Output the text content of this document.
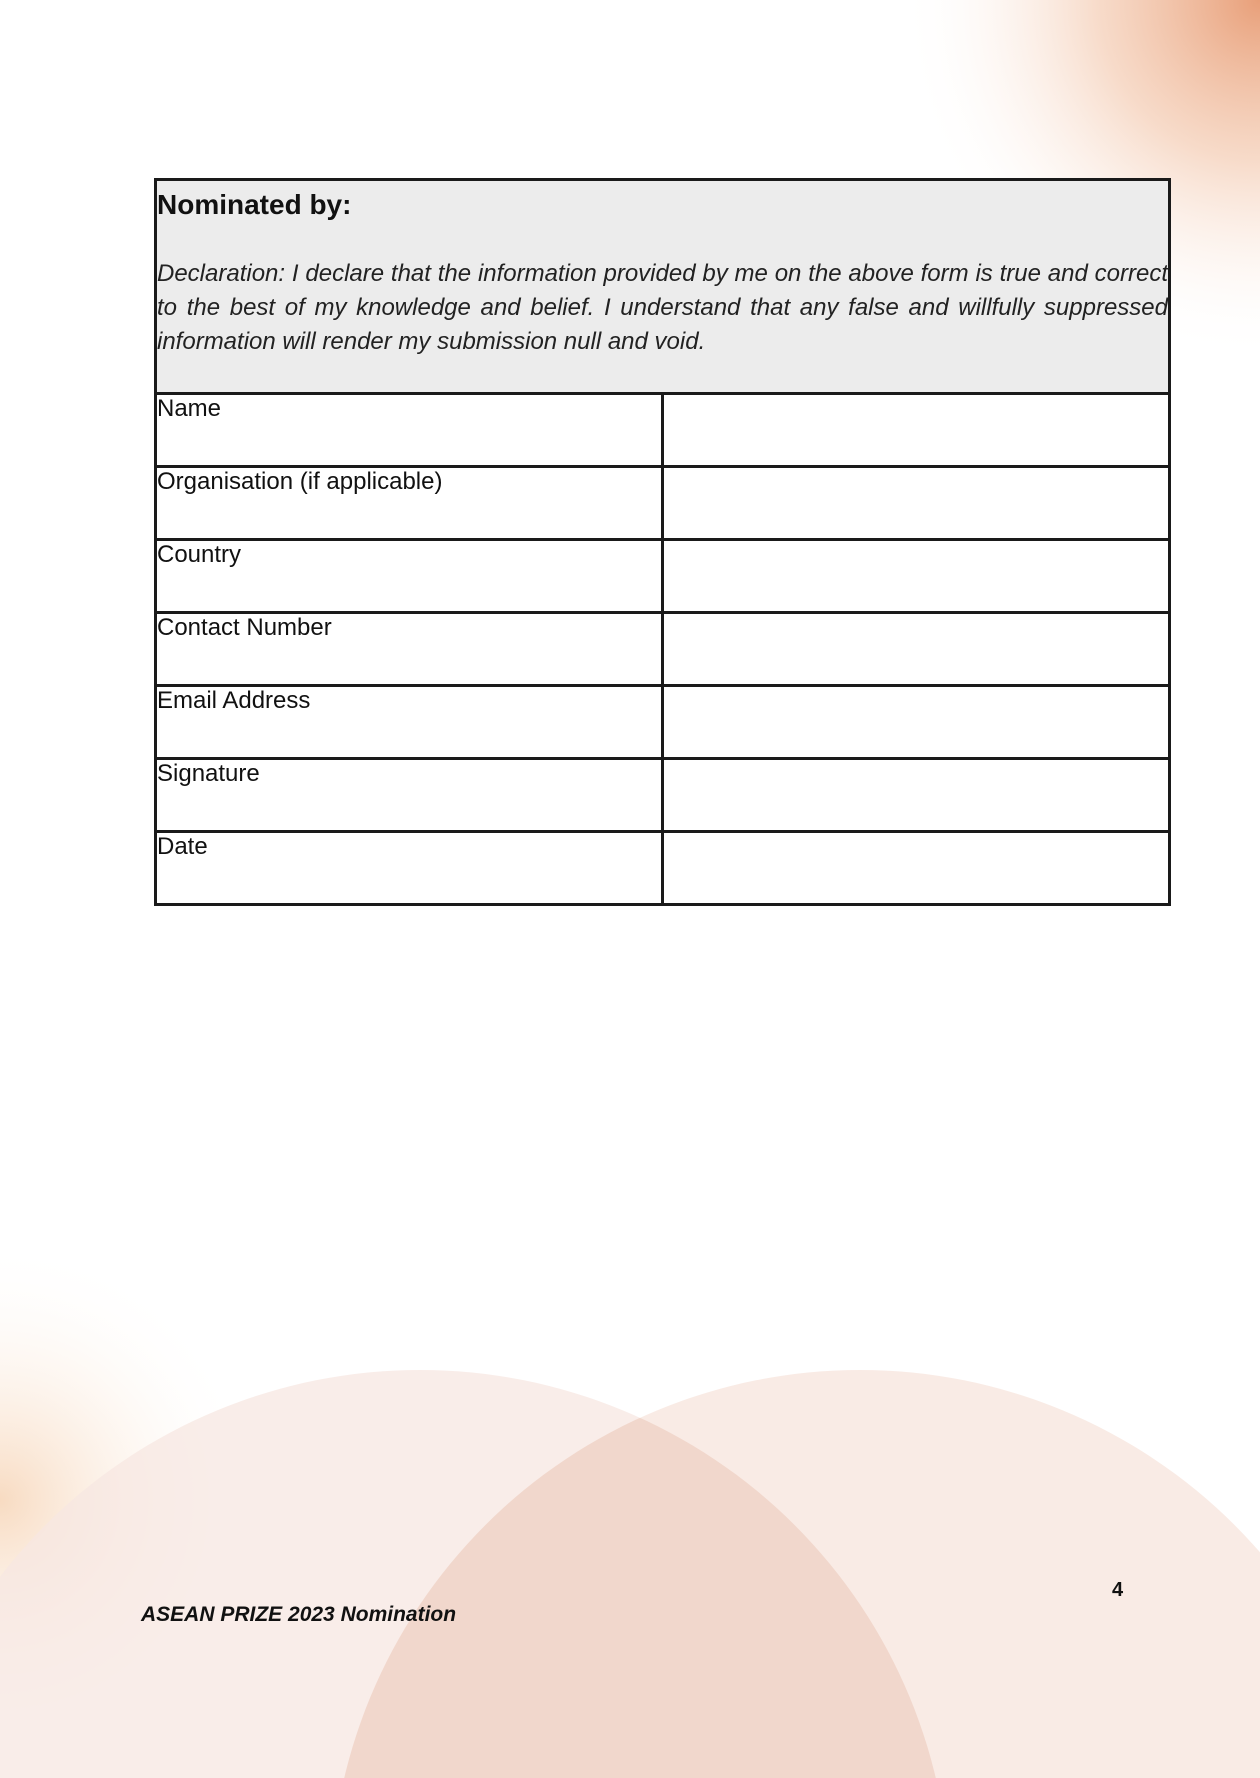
Nominated by:
Declaration: I declare that the information provided by me on the above form is true and correct to the best of my knowledge and belief. I understand that any false and willfully suppressed information will render my submission null and void.	

Name	
Organisation (if applicable)	
Country	
Contact Number	
Email Address	
Signature	
Date	
4
ASEAN PRIZE 2023 Nomination
